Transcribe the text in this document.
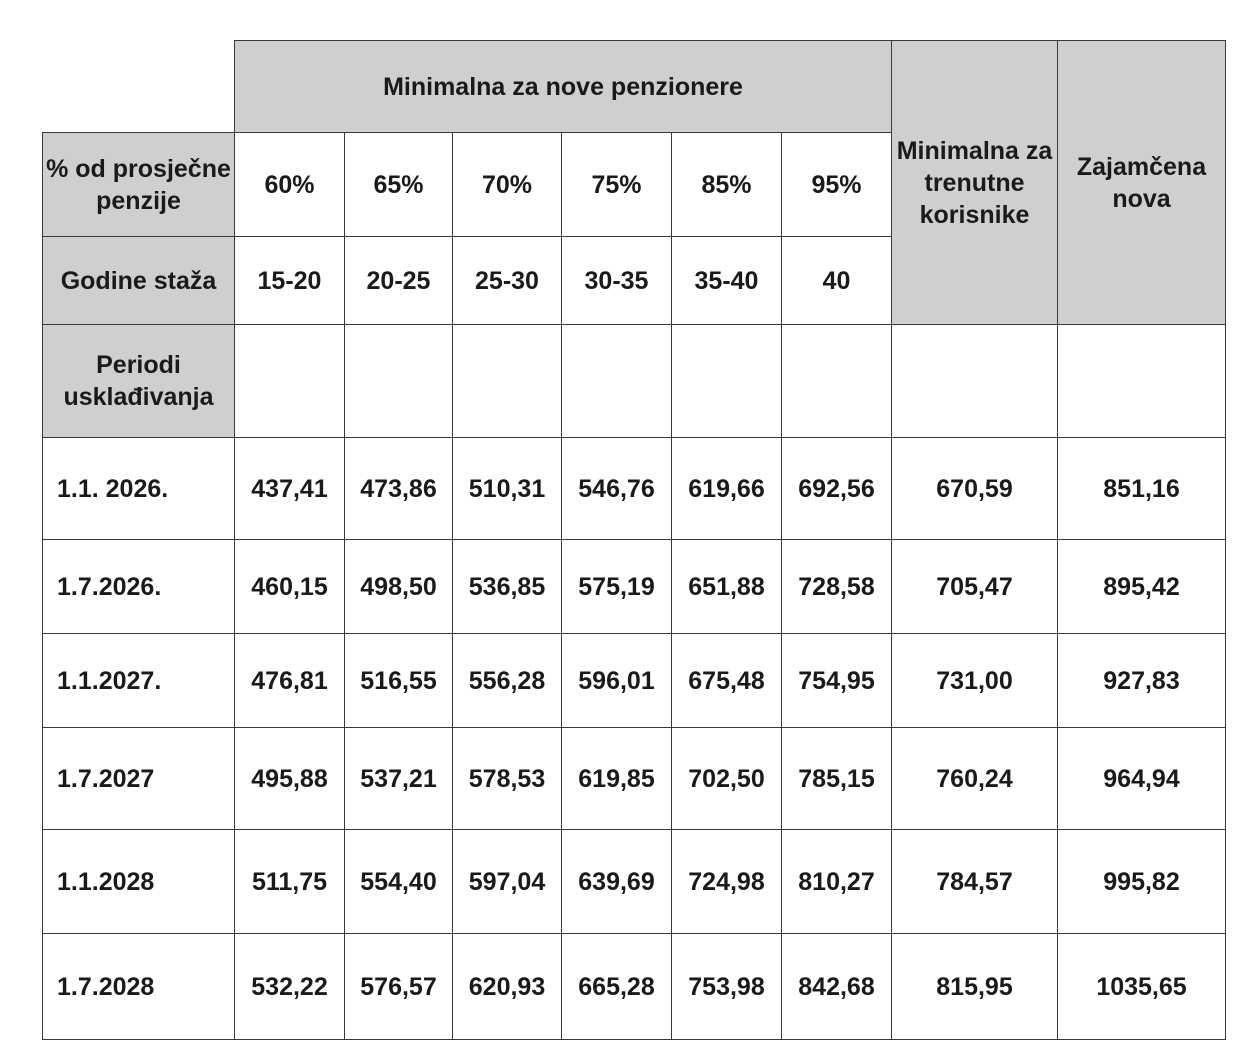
	Minimalna za nove penzionere						Minimalna za trenutne korisnike	Zajamčena nova
% od prosječne penzije	60%	65%	70%	75%	85%	95%		
Godine staža	15-20	20-25	25-30	30-35	35-40	40		
Periodi usklađivanja								
1.1. 2026.	437,41	473,86	510,31	546,76	619,66	692,56	670,59	851,16
1.7.2026.	460,15	498,50	536,85	575,19	651,88	728,58	705,47	895,42
1.1.2027.	476,81	516,55	556,28	596,01	675,48	754,95	731,00	927,83
1.7.2027	495,88	537,21	578,53	619,85	702,50	785,15	760,24	964,94
1.1.2028	511,75	554,40	597,04	639,69	724,98	810,27	784,57	995,82
1.7.2028	532,22	576,57	620,93	665,28	753,98	842,68	815,95	1035,65
